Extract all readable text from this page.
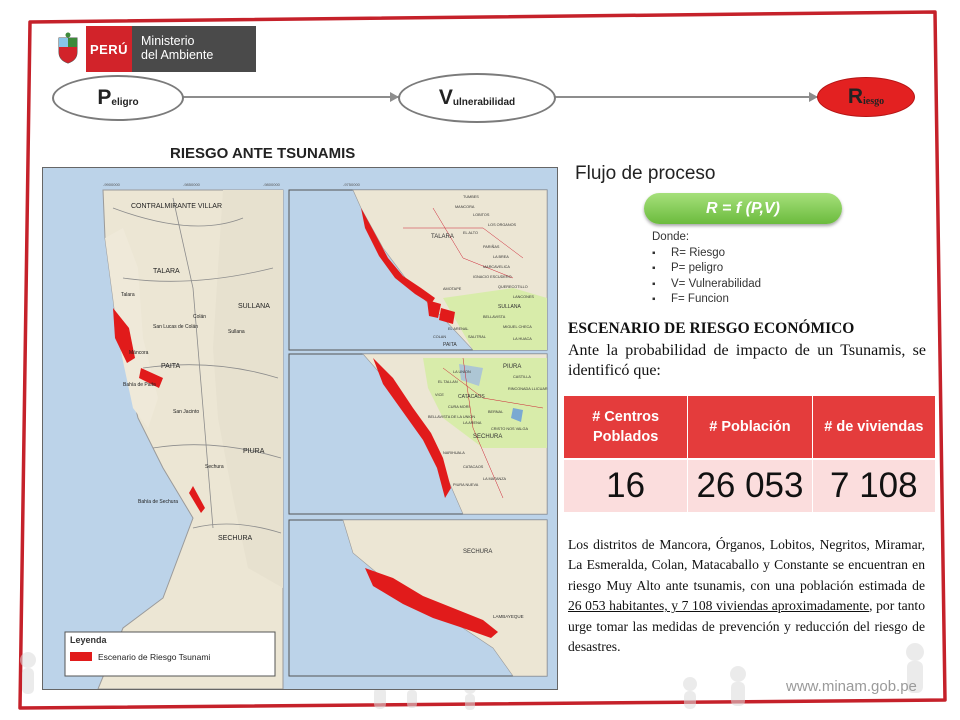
PERÚ
Ministerio
del Ambiente
P eligro	V ulnerabilidad	R iesgo
RIESGO ANTE TSUNAMIS
-9900000	-9850000	-9800000	-9750000
CONTRALMIRANTE VILLAR
TALARA
SULLANA
Talara
Máncora
PAITA
Bahía de Paita
Sechura
PIURA
SECHURA
Bahía de Sechura
San Jacinto
Colán
San Lucas de Colán
Sullana
TUMBES
TALARA
MANCORA
LOBITOS
LOS ORGANOS
EL ALTO
PARIÑAS
LA BREA
MARCAVELICA
IGNACIO ESCUDERO
QUERECOTILLO
LANCONES
SULLANA
BELLAVISTA
MIGUEL CHECA
SALITRAL
AMOTAPE
EL ARENAL
COLAN
PAITA
LA HUACA
PIURA
CATACAOS
VICE
BERNAL
SECHURA
LA UNION
EL TALLAN
CURA MORI
BELLAVISTA DE LA UNION
RINCONADA LLICUAR
CRISTO NOS VALGA
LA ARENA
CASTILLA
CATACAOS
PIURA NUEVA
LA MATANZA
NARIHUALA
SECHURA
LAMBAYEQUE
Leyenda
Escenario de Riesgo Tsunami
Flujo de proceso
R = f (P,V)
Donde:
▪ R= Riesgo
▪ P= peligro
▪ V= Vulnerabilidad
▪ F= Funcion
ESCENARIO DE RIESGO ECONÓMICO
Ante la probabilidad de impacto de un Tsunamis, se identificó que:
# Centros Poblados	# Población	# de viviendas
16	26 053	7 108
Los distritos de Mancora, Órganos, Lobitos, Negritos, Miramar, La Esmeralda, Colan, Matacaballo y Constante se encuentran en riesgo Muy Alto ante tsunamis, con una población estimada de 26 053 habitantes, y 7 108 viviendas aproximadamente, por tanto urge tomar las medidas de prevención y reducción del riesgo de desastres.
www.minam.gob.pe
